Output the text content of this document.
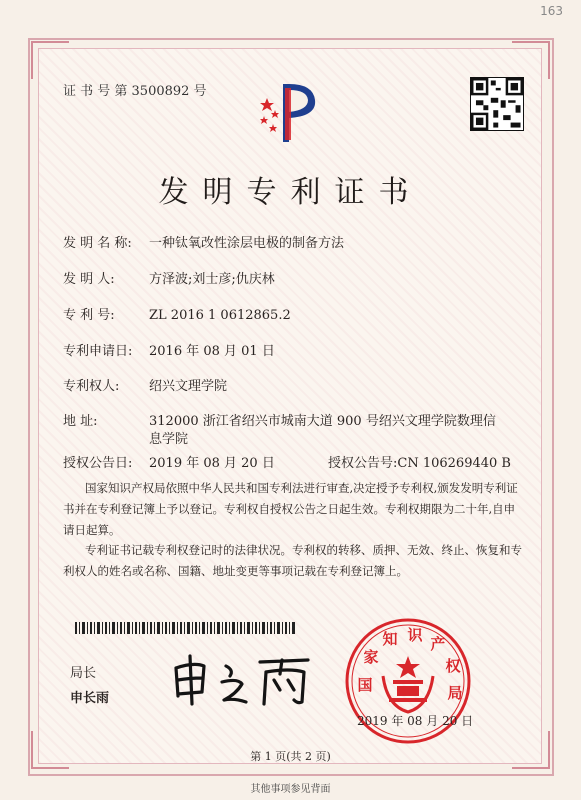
163
证 书 号 第 3500892 号
发明专利证书
发 明 名 称: 一种钛氧改性涂层电极的制备方法
发 明 人:	方泽波;刘士彦;仇庆林
专 利 号:	ZL 2016 1 0612865.2
专利申请日: 2016 年 08 月 01 日
专利权人: 绍兴文理学院
地 址:	312000 浙江省绍兴市城南大道 900 号绍兴文理学院数理信
息学院
授权公告日: 2019 年 08 月 20 日	授权公告号:CN 106269440 B
国家知识产权局依照中华人民共和国专利法进行审查,决定授予专利权,颁发发明专利证书并在专利登记簿上予以登记。专利权自授权公告之日起生效。专利权期限为二十年,自申请日起算。
专利证书记载专利权登记时的法律状况。专利权的转移、质押、无效、终止、恢复和专利权人的姓名或名称、国籍、地址变更等事项记载在专利登记簿上。
局长
申长雨
国
家
知 识 产
权
局
2019 年 08 月 20 日
第 1 页(共 2 页)
其他事项参见背面
